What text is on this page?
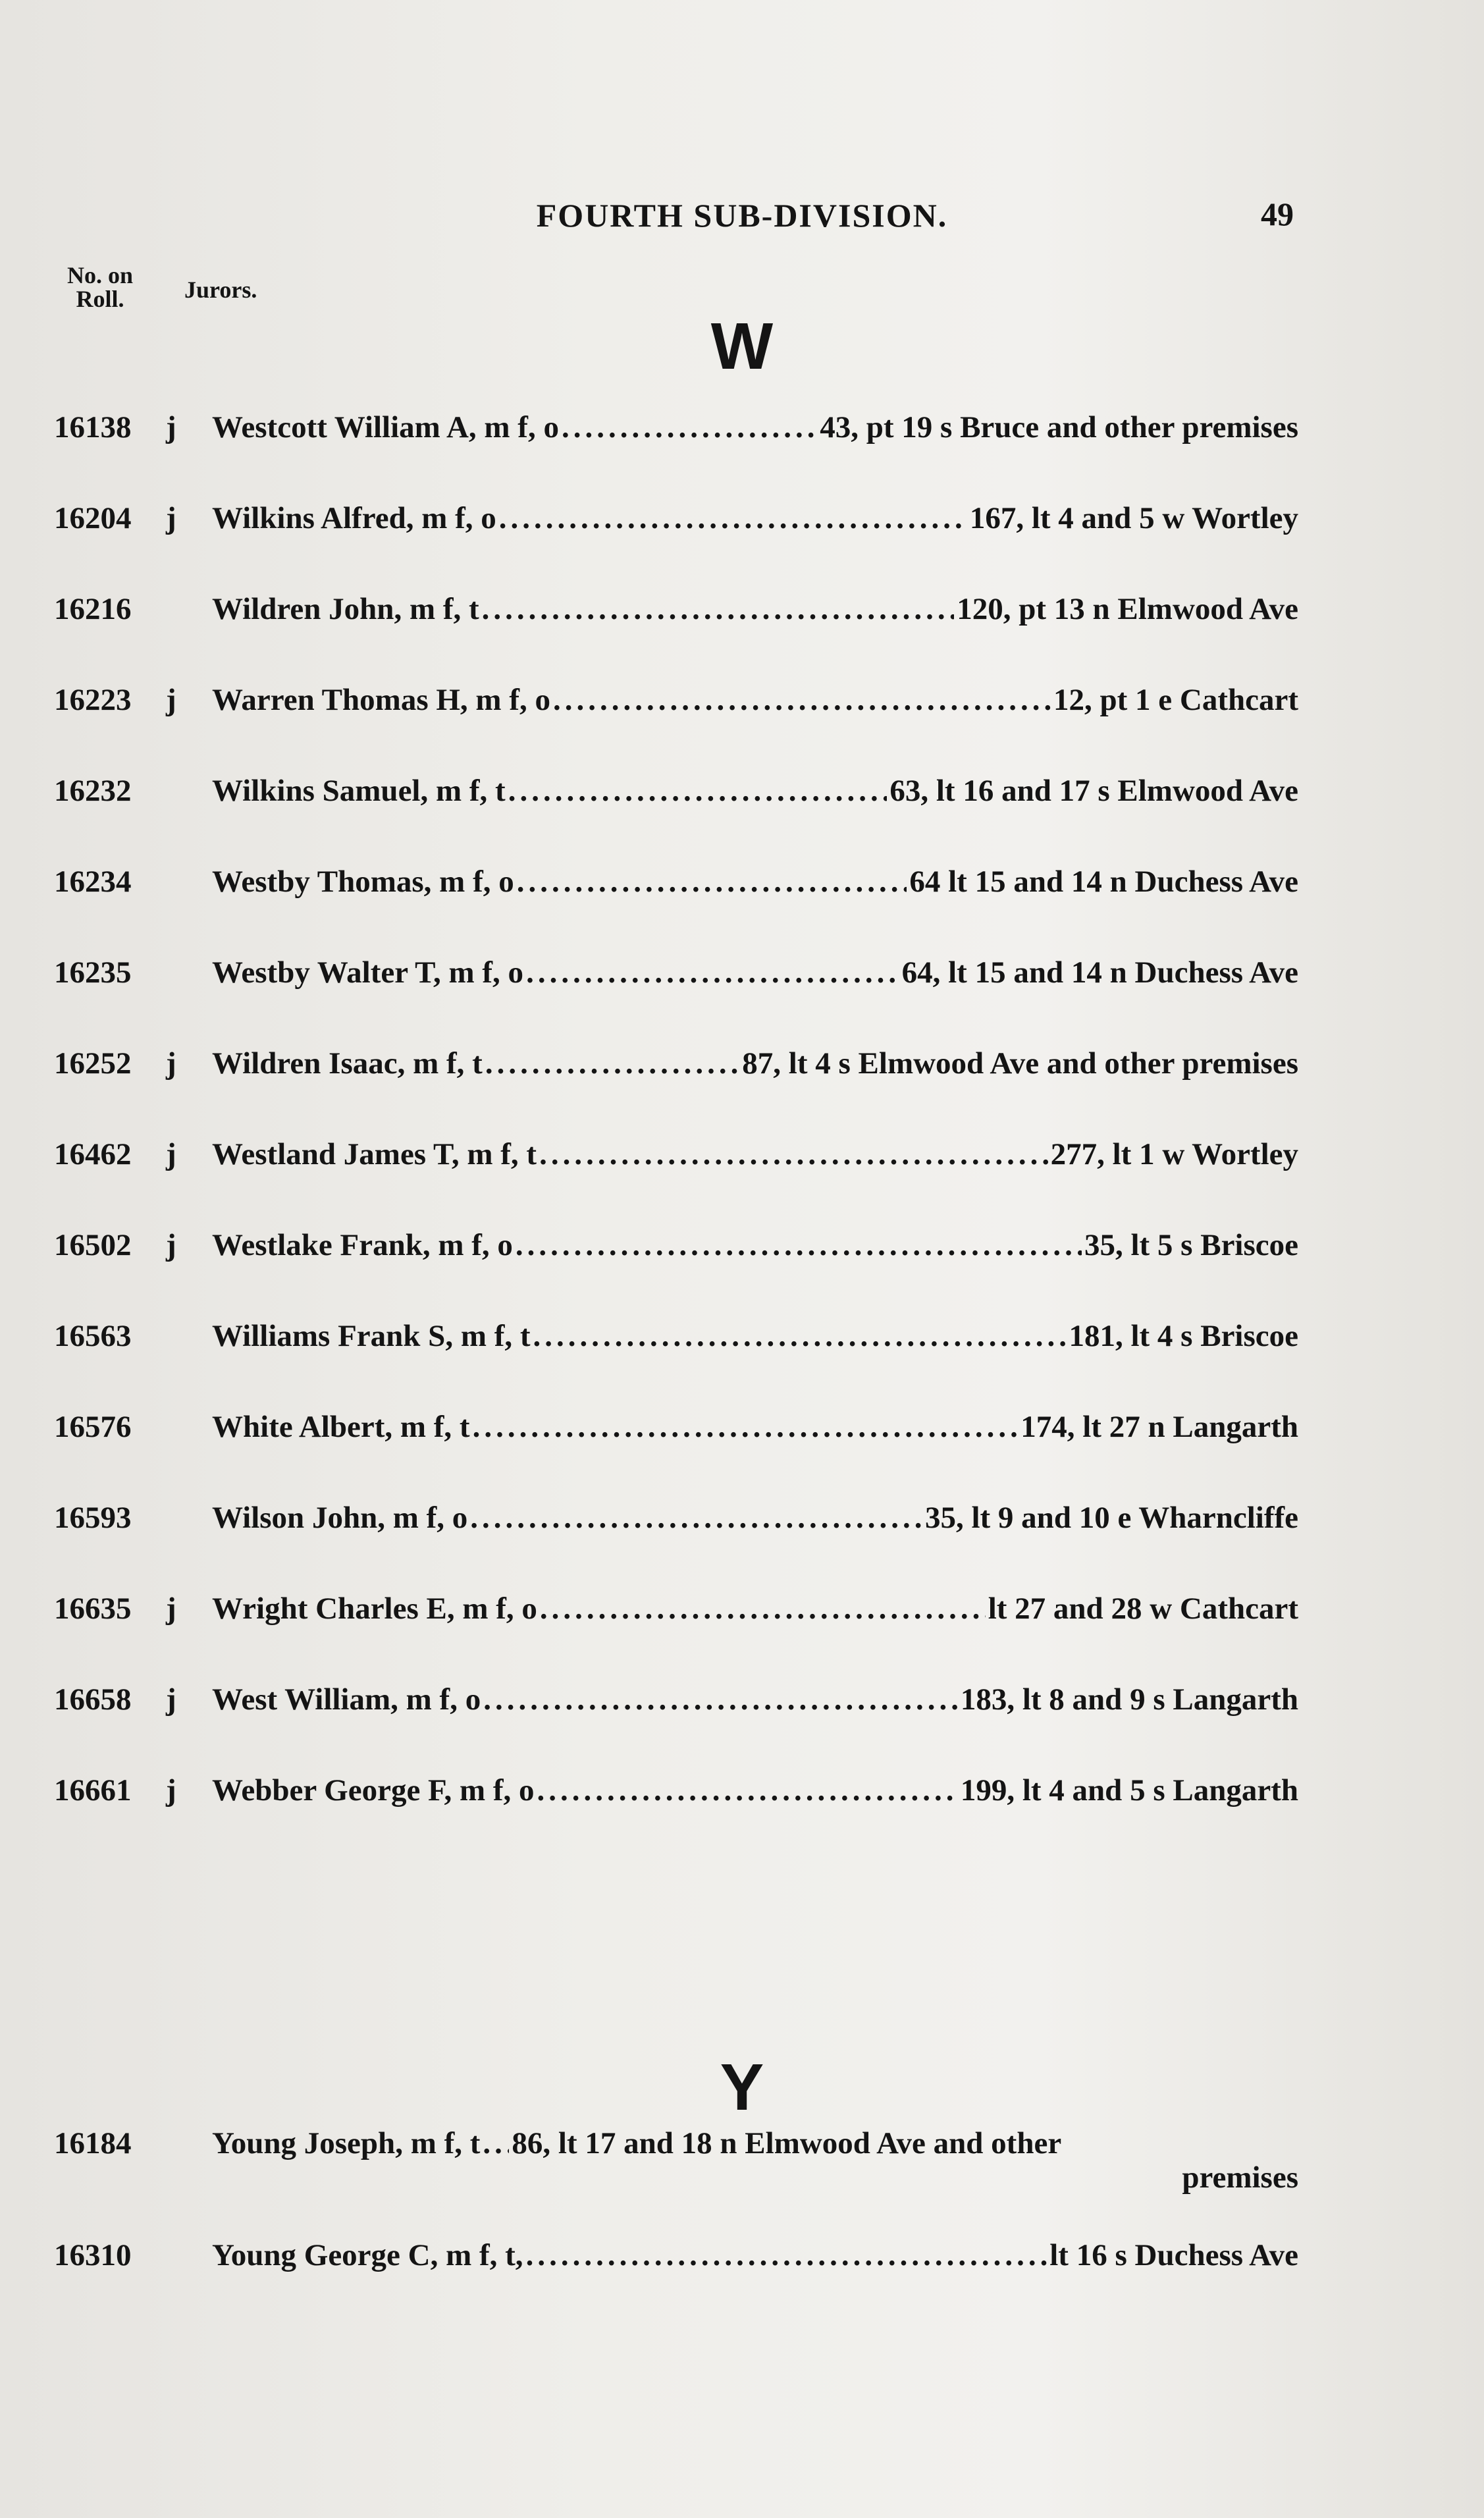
FOURTH SUB-DIVISION.	49
No. on
Roll.	Jurors.
W
16138	j	Westcott William A, m f, o .....	43, pt 19 s Bruce and other premises
16204	j	Wilkins Alfred, m f, o .....	167, lt 4 and 5 w Wortley
16216	Wildren John, m f, t .....	120, pt 13 n Elmwood Ave
16223	j	Warren Thomas H, m f, o .....	12, pt 1 e Cathcart
16232	Wilkins Samuel, m f, t .....	63, lt 16 and 17 s Elmwood Ave
16234	Westby Thomas, m f, o .....	64 lt 15 and 14 n Duchess Ave
16235	Westby Walter T, m f, o .....	64, lt 15 and 14 n Duchess Ave
16252	j	Wildren Isaac, m f, t .....	87, lt 4 s Elmwood Ave and other premises
16462	j	Westland James T, m f, t .....	277, lt 1 w Wortley
16502	j	Westlake Frank, m f, o .....	35, lt 5 s Briscoe
16563	Williams Frank S, m f, t .....	181, lt 4 s Briscoe
16576	White Albert, m f, t .....	174, lt 27 n Langarth
16593	Wilson John, m f, o .....	35, lt 9 and 10 e Wharncliffe
16635	j	Wright Charles E, m f, o .....	lt 27 and 28 w Cathcart
16658	j	West William, m f, o .....	183, lt 8 and 9 s Langarth
16661	j	Webber George F, m f, o .....	199, lt 4 and 5 s Langarth
Y
16184	Young Joseph, m f, t ..... 86, lt 17 and 18 n Elmwood Ave and other
premises
16310	Young George C, m f, t, .....	lt 16 s Duchess Ave
